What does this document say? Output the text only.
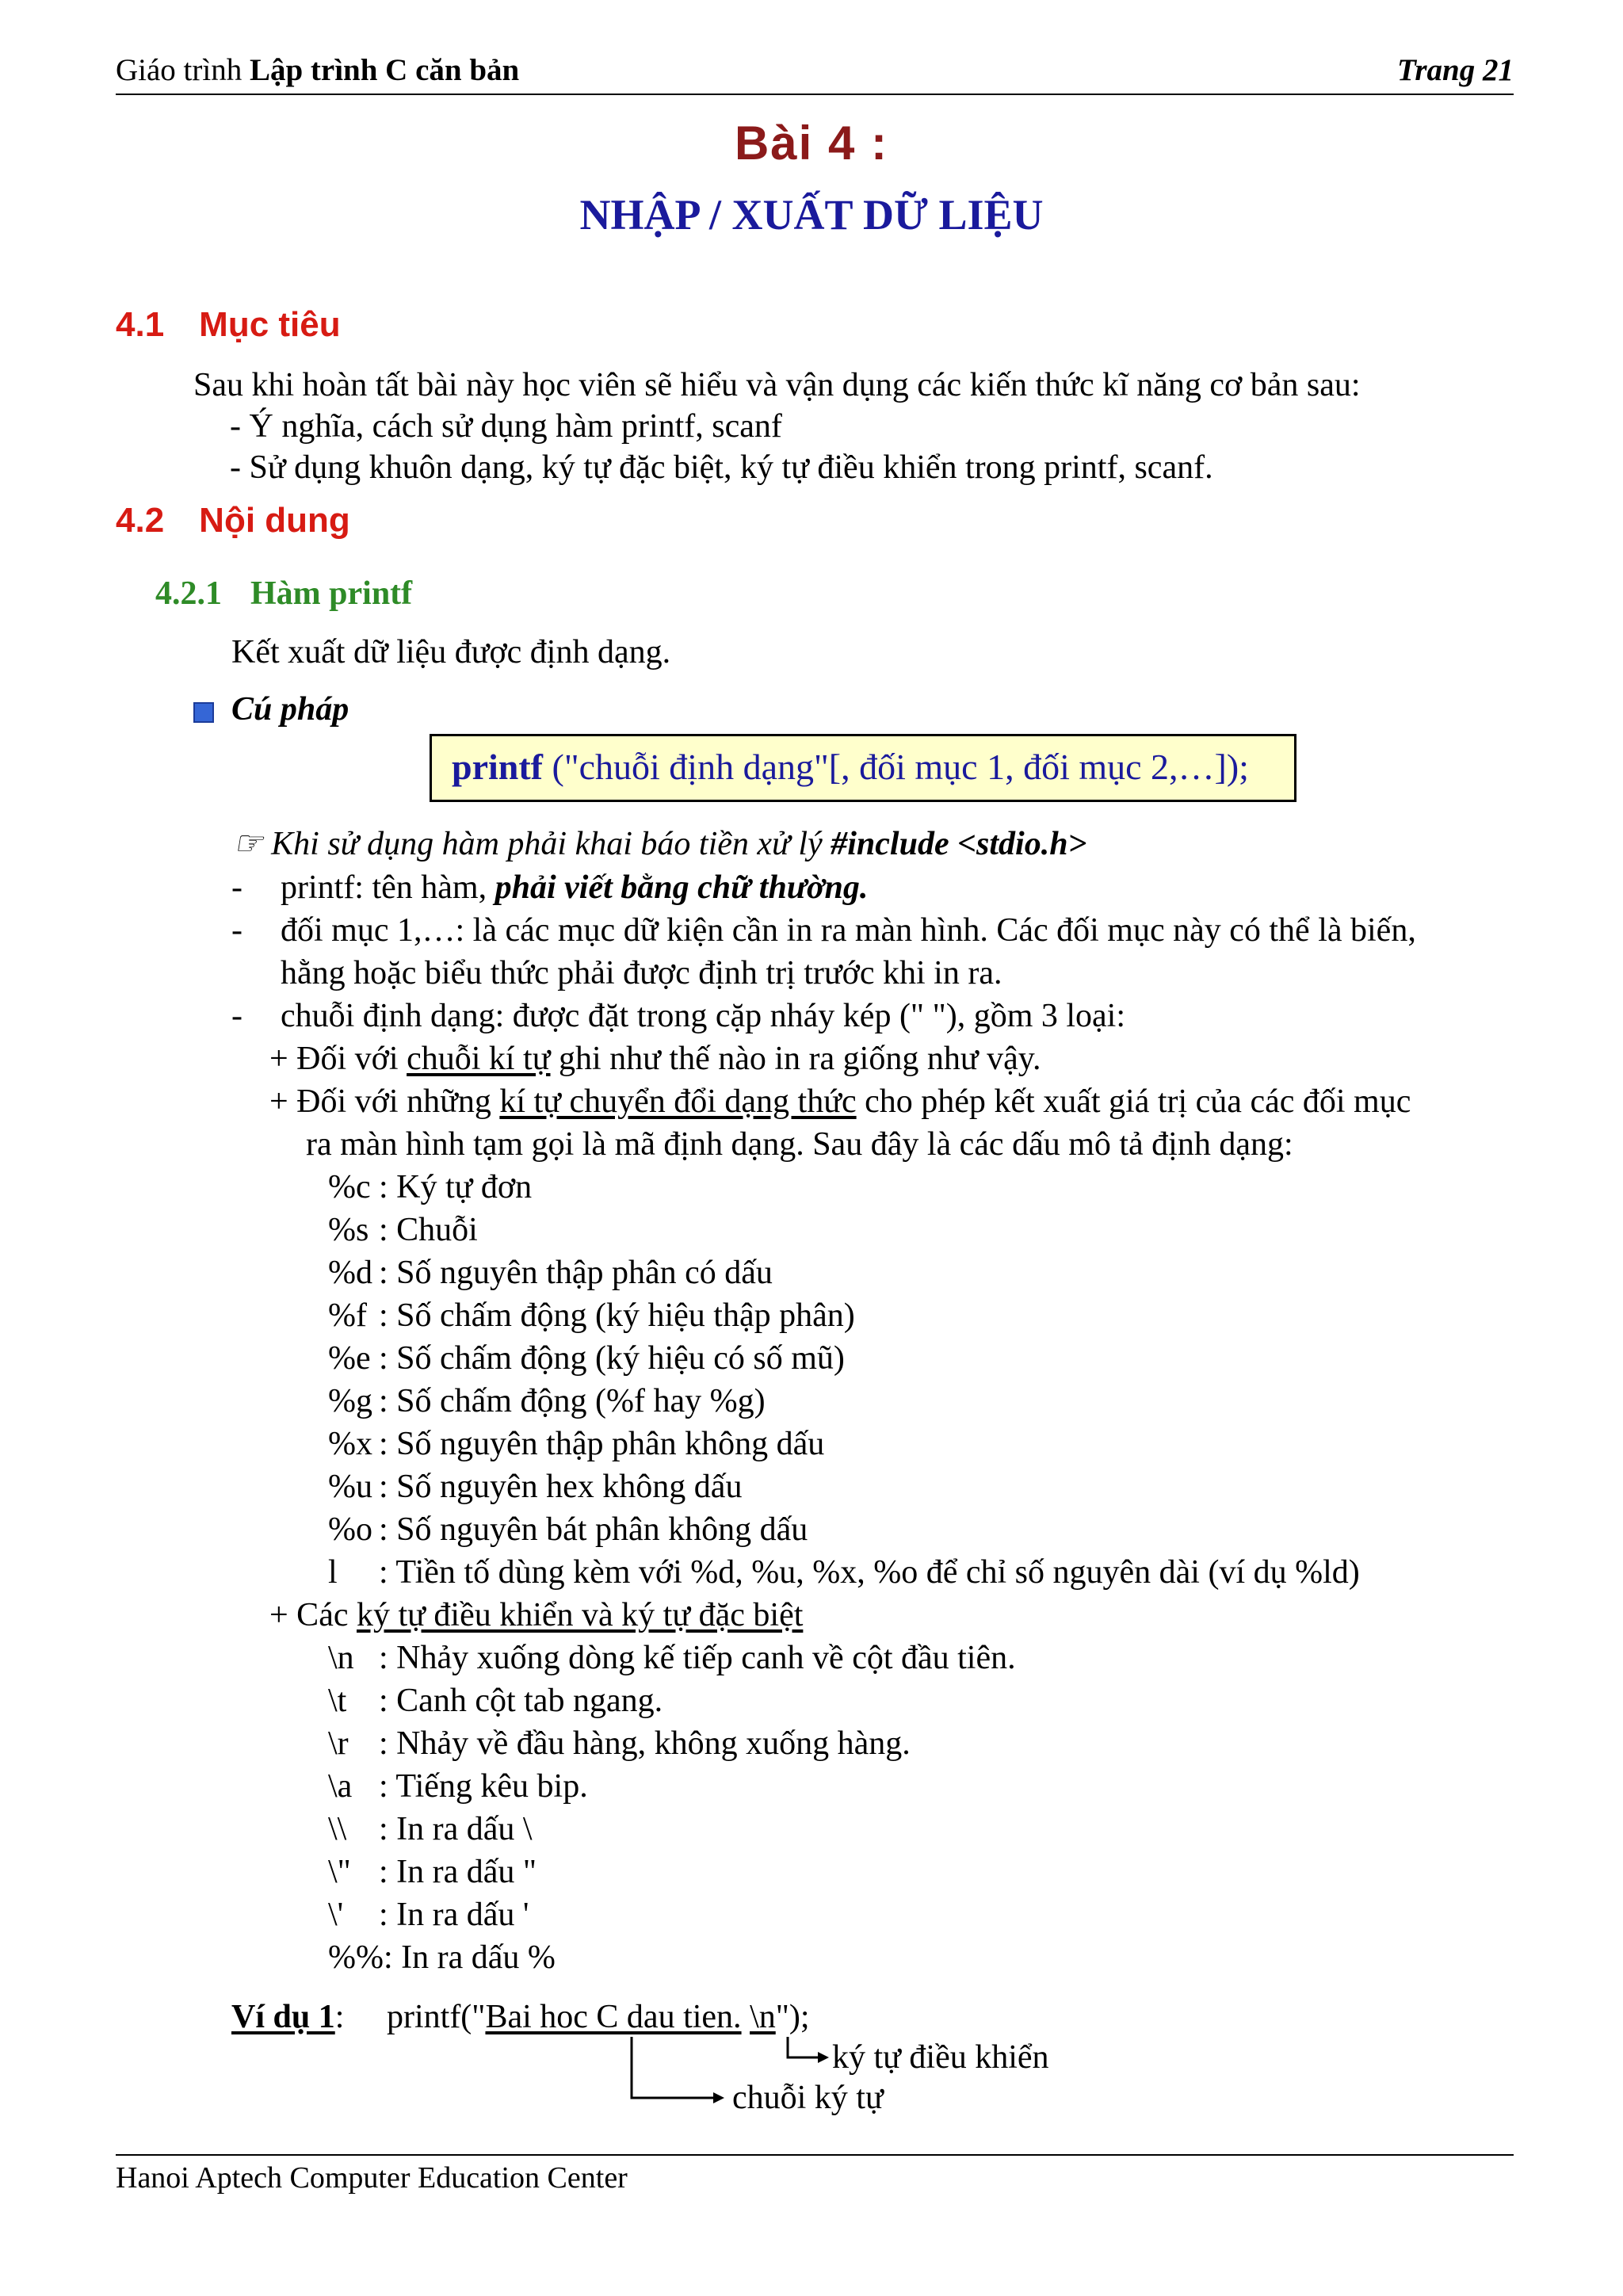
Giáo trình Lập trình C căn bản	Trang 21
Bài 4 :
NHẬP / XUẤT DỮ LIỆU
4.1 Mục tiêu
Sau khi hoàn tất bài này học viên sẽ hiểu và vận dụng các kiến thức kĩ năng cơ bản sau:
- Ý nghĩa, cách sử dụng hàm printf, scanf
- Sử dụng khuôn dạng, ký tự đặc biệt, ký tự điều khiển trong printf, scanf.
4.2 Nội dung
4.2.1 Hàm printf
Kết xuất dữ liệu được định dạng.
Cú pháp
printf ("chuỗi định dạng"[, đối mục 1, đối mục 2,…]);
☞ Khi sử dụng hàm phải khai báo tiền xử lý #include <stdio.h>
- printf: tên hàm, phải viết bằng chữ thường.
- đối mục 1,…: là các mục dữ kiện cần in ra màn hình. Các đối mục này có thể là biến,
hằng hoặc biểu thức phải được định trị trước khi in ra.
- chuỗi định dạng: được đặt trong cặp nháy kép (" "), gồm 3 loại:
+ Đối với chuỗi kí tự ghi như thế nào in ra giống như vậy.
+ Đối với những kí tự chuyển đổi dạng thức cho phép kết xuất giá trị của các đối mục
ra màn hình tạm gọi là mã định dạng. Sau đây là các dấu mô tả định dạng:
%c : Ký tự đơn
%s : Chuỗi
%d : Số nguyên thập phân có dấu
%f : Số chấm động (ký hiệu thập phân)
%e : Số chấm động (ký hiệu có số mũ)
%g : Số chấm động (%f hay %g)
%x : Số nguyên thập phân không dấu
%u : Số nguyên hex không dấu
%o : Số nguyên bát phân không dấu
l : Tiền tố dùng kèm với %d, %u, %x, %o để chỉ số nguyên dài (ví dụ %ld)
+ Các ký tự điều khiển và ký tự đặc biệt
\n : Nhảy xuống dòng kế tiếp canh về cột đầu tiên.
\t : Canh cột tab ngang.
\r : Nhảy về đầu hàng, không xuống hàng.
\a : Tiếng kêu bip.
\\ : In ra dấu \
\" : In ra dấu "
\' : In ra dấu '
%%: In ra dấu %
Ví dụ 1: printf("Bai hoc C dau tien. \n");
ký tự điều khiển
chuỗi ký tự
Hanoi Aptech Computer Education Center
